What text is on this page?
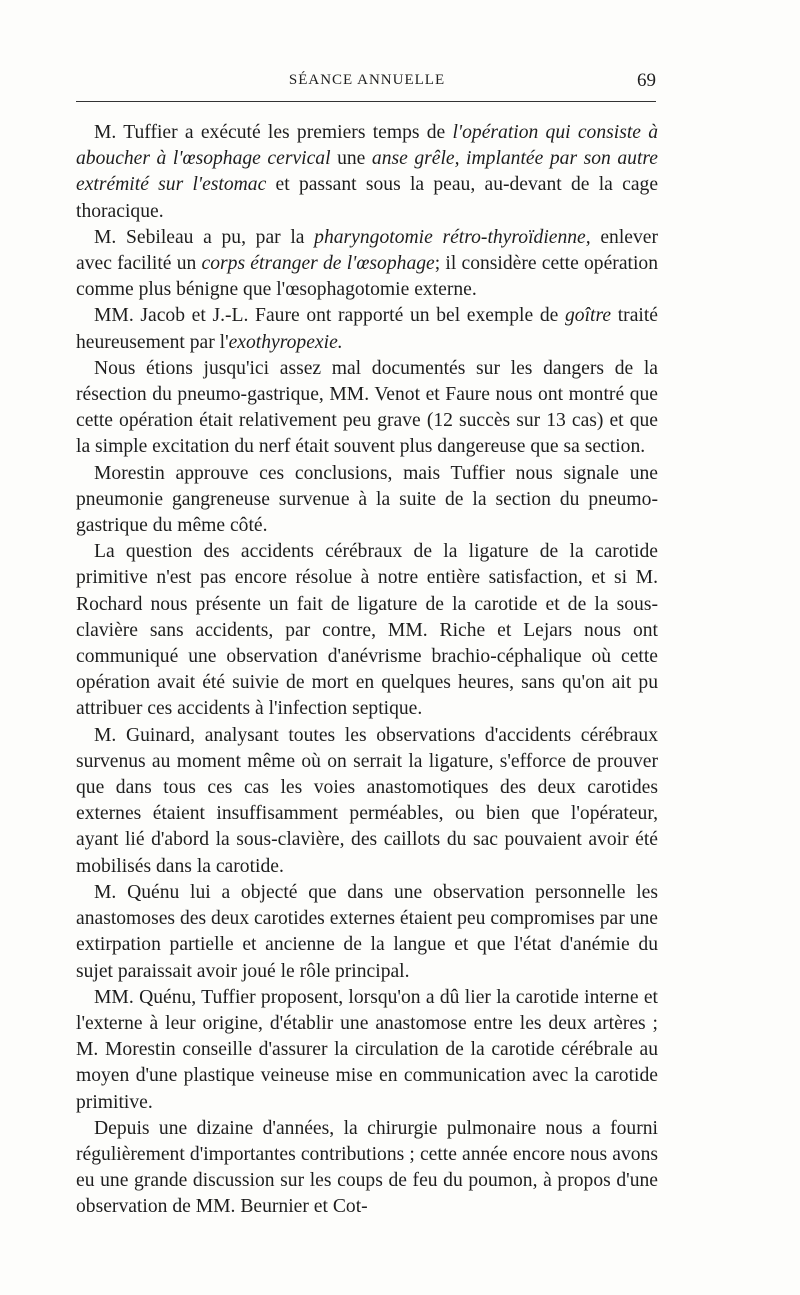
SÉANCE ANNUELLE	69

M. Tuffier a exécuté les premiers temps de l'opération qui consiste à aboucher à l'œsophage cervical une anse grêle, implantée par son autre extrémité sur l'estomac et passant sous la peau, au-devant de la cage thoracique.

M. Sebileau a pu, par la pharyngotomie rétro-thyroïdienne, enlever avec facilité un corps étranger de l'œsophage; il considère cette opération comme plus bénigne que l'œsophagotomie externe.

MM. Jacob et J.-L. Faure ont rapporté un bel exemple de goître traité heureusement par l'exothyropexie.

Nous étions jusqu'ici assez mal documentés sur les dangers de la résection du pneumo-gastrique, MM. Venot et Faure nous ont montré que cette opération était relativement peu grave (12 succès sur 13 cas) et que la simple excitation du nerf était souvent plus dangereuse que sa section.

Morestin approuve ces conclusions, mais Tuffier nous signale une pneumonie gangreneuse survenue à la suite de la section du pneumo-gastrique du même côté.

La question des accidents cérébraux de la ligature de la carotide primitive n'est pas encore résolue à notre entière satisfaction, et si M. Rochard nous présente un fait de ligature de la carotide et de la sous-clavière sans accidents, par contre, MM. Riche et Lejars nous ont communiqué une observation d'anévrisme brachio-céphalique où cette opération avait été suivie de mort en quelques heures, sans qu'on ait pu attribuer ces accidents à l'infection septique.

M. Guinard, analysant toutes les observations d'accidents cérébraux survenus au moment même où on serrait la ligature, s'efforce de prouver que dans tous ces cas les voies anastomotiques des deux carotides externes étaient insuffisamment perméables, ou bien que l'opérateur, ayant lié d'abord la sous-clavière, des caillots du sac pouvaient avoir été mobilisés dans la carotide.

M. Quénu lui a objecté que dans une observation personnelle les anastomoses des deux carotides externes étaient peu compromises par une extirpation partielle et ancienne de la langue et que l'état d'anémie du sujet paraissait avoir joué le rôle principal.

MM. Quénu, Tuffier proposent, lorsqu'on a dû lier la carotide interne et l'externe à leur origine, d'établir une anastomose entre les deux artères ; M. Morestin conseille d'assurer la circulation de la carotide cérébrale au moyen d'une plastique veineuse mise en communication avec la carotide primitive.

Depuis une dizaine d'années, la chirurgie pulmonaire nous a fourni régulièrement d'importantes contributions ; cette année encore nous avons eu une grande discussion sur les coups de feu du poumon, à propos d'une observation de MM. Beurnier et Cot-
